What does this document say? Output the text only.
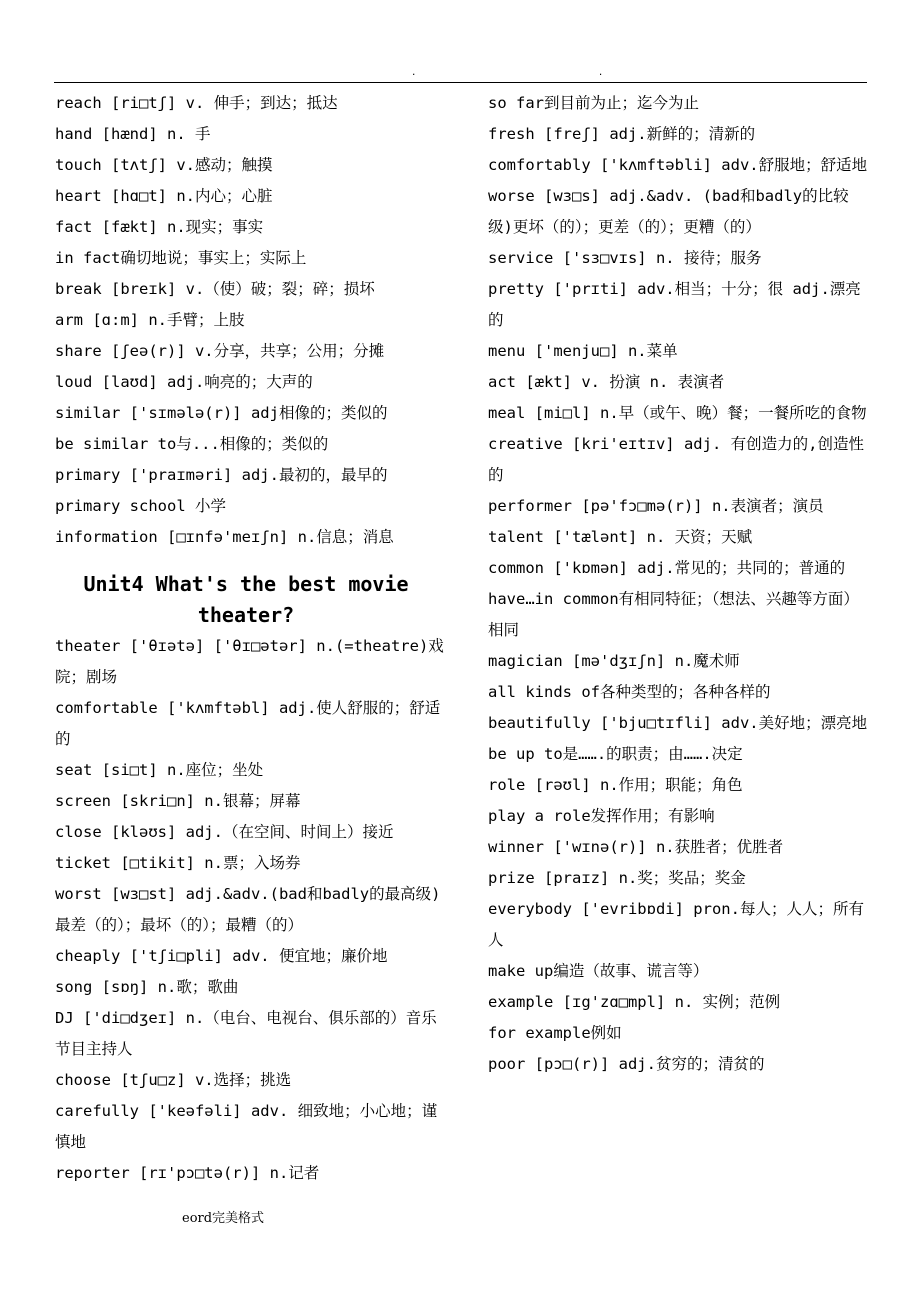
. .

reach [ri□tʃ] v. 伸手；到达；抵达

hand [hænd] n. 手

touch [tʌtʃ] v.感动；触摸

heart [hɑ□t] n.内心；心脏

fact [fækt] n.现实；事实

in fact确切地说；事实上；实际上

break [breɪk] v.（使）破；裂；碎；损坏

arm [ɑ:m] n.手臂；上肢

share [ʃeə(r)] v.分享，共享；公用；分摊

loud [laʊd] adj.响亮的；大声的

similar ['sɪmələ(r)] adj相像的；类似的

be similar to与...相像的；类似的

primary ['praɪməri] adj.最初的，最早的

primary school 小学

information [□ɪnfə'meɪʃn] n.信息；消息

Unit4 What's the best movie theater?

theater ['θɪətə] ['θɪ□ətər] n.(=theatre)戏院；剧场

comfortable ['kʌmftəbl] adj.使人舒服的；舒适的

seat [si□t] n.座位；坐处

screen [skri□n] n.银幕；屏幕

close [kləʊs] adj.（在空间、时间上）接近

ticket [□tikit] n.票；入场券

worst [wɜ□st] adj.&adv.(bad和badly的最高级) 最差（的）；最坏（的）；最糟（的）

cheaply ['tʃi□pli] adv. 便宜地；廉价地

song [sɒŋ] n.歌；歌曲

DJ ['di□dʒeɪ] n.（电台、电视台、俱乐部的）音乐节目主持人

choose [tʃu□z] v.选择；挑选

carefully ['keəfəli] adv. 细致地；小心地；谨慎地

reporter [rɪ'pɔ□tə(r)] n.记者

so far到目前为止；迄今为止

fresh [freʃ] adj.新鲜的；清新的

comfortably ['kʌmftəbli] adv.舒服地；舒适地

worse [wɜ□s] adj.&adv. (bad和badly的比较级)更坏（的）；更差（的）；更糟（的）

service ['sɜ□vɪs] n. 接待；服务

pretty ['prɪti] adv.相当；十分；很 adj.漂亮的

menu ['menju□] n.菜单

act [ækt] v. 扮演 n. 表演者

meal [mi□l] n.早（或午、晚）餐；一餐所吃的食物

creative [kri'eɪtɪv] adj. 有创造力的,创造性的

performer [pə'fɔ□mə(r)] n.表演者；演员

talent ['tælənt] n. 天资；天赋

common ['kɒmən] adj.常见的；共同的；普通的

have…in common有相同特征；（想法、兴趣等方面）相同

magician [mə'dʒɪʃn] n.魔术师

all kinds of各种类型的；各种各样的

beautifully ['bju□tɪfli] adv.美好地；漂亮地

be up to是…….的职责；由…….决定

role [rəʊl] n.作用；职能；角色

play a role发挥作用；有影响

winner ['wɪnə(r)] n.获胜者；优胜者

prize [praɪz] n.奖；奖品；奖金

everybody ['evribɒdi] pron.每人；人人；所有人

make up编造（故事、谎言等）

example [ɪg'zɑ□mpl] n. 实例；范例

for example例如

poor [pɔ□(r)] adj.贫穷的；清贫的

eord完美格式
